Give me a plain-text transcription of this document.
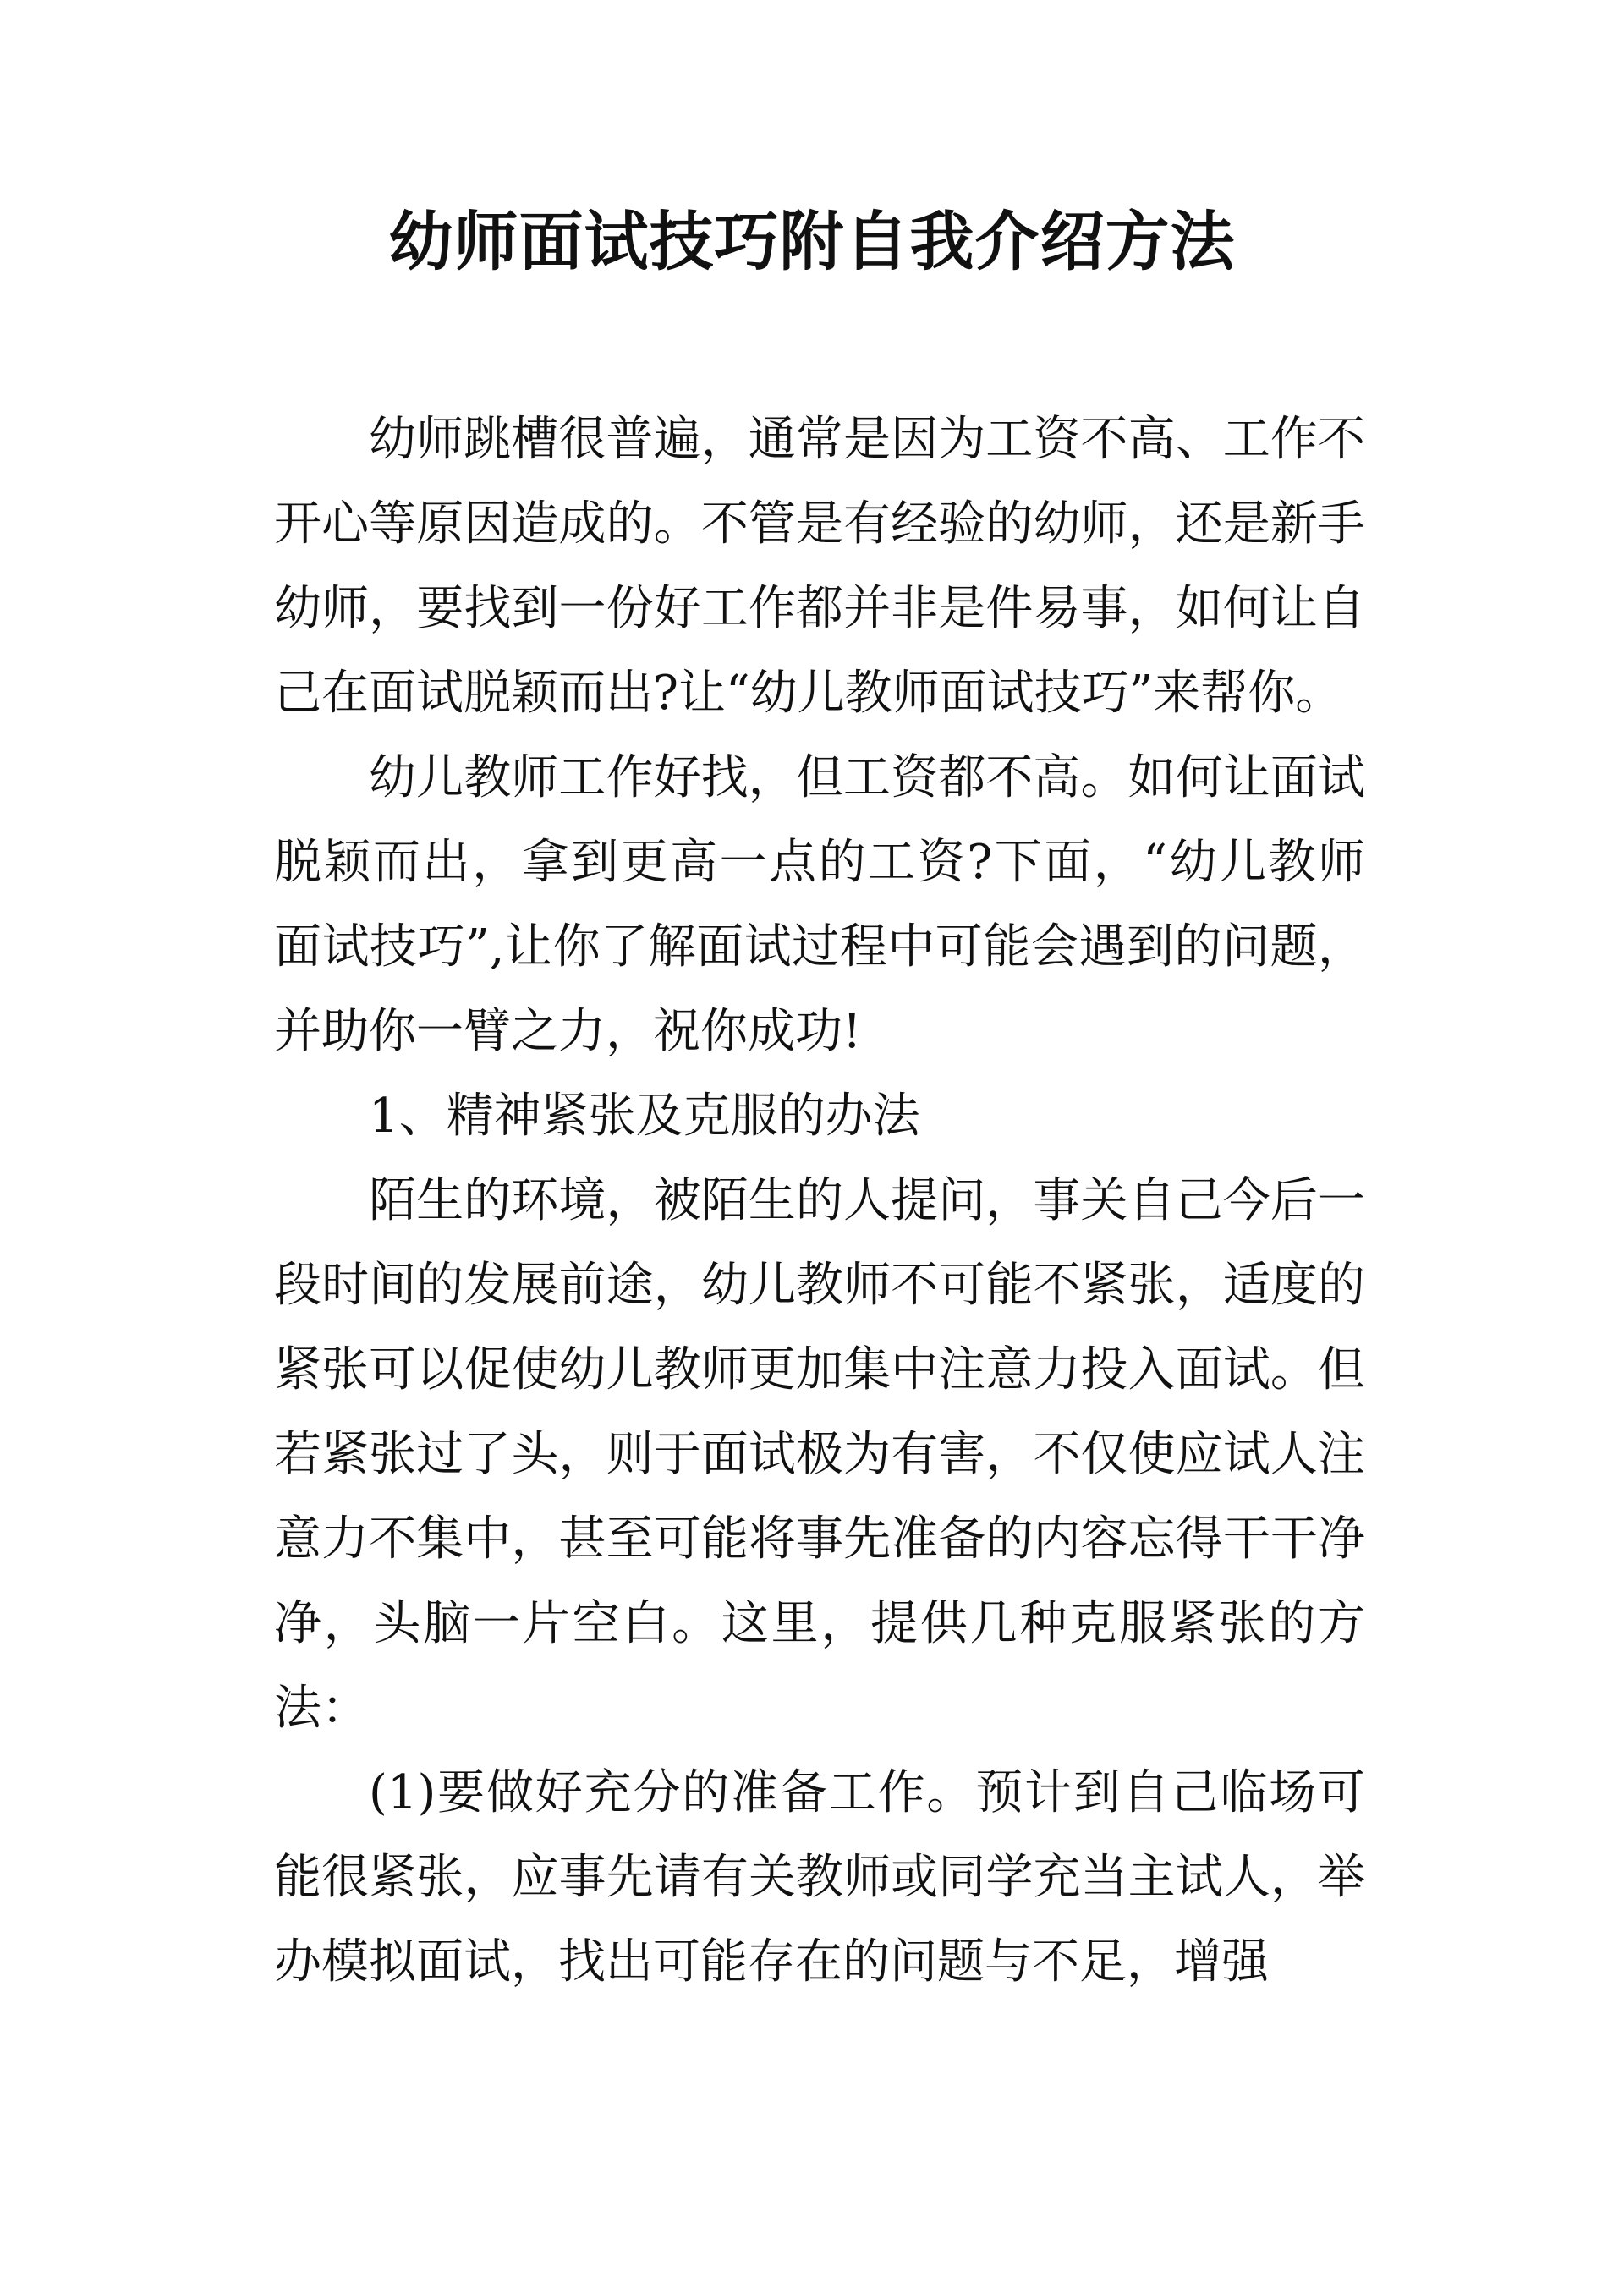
幼师面试技巧附自我介绍方法

幼师跳槽很普遍，通常是因为工资不高、工作不开心等原因造成的。不管是有经验的幼师，还是新手幼师，要找到一份好工作都并非是件易事，如何让自己在面试脱颖而出?让“幼儿教师面试技巧”来帮你。

幼儿教师工作好找，但工资都不高。如何让面试脱颖而出，拿到更高一点的工资?下面，“幼儿教师面试技巧”,让你了解面试过程中可能会遇到的问题，并助你一臂之力，祝你成功!

1、精神紧张及克服的办法

陌生的环境，被陌生的人提问，事关自己今后一段时间的发展前途，幼儿教师不可能不紧张，适度的紧张可以促使幼儿教师更加集中注意力投入面试。但若紧张过了头，则于面试极为有害，不仅使应试人注意力不集中，甚至可能将事先准备的内容忘得干干净净，头脑一片空白。这里，提供几种克服紧张的方法：

(1)要做好充分的准备工作。预计到自己临场可能很紧张，应事先请有关教师或同学充当主试人，举办模拟面试，找出可能存在的问题与不足，增强
